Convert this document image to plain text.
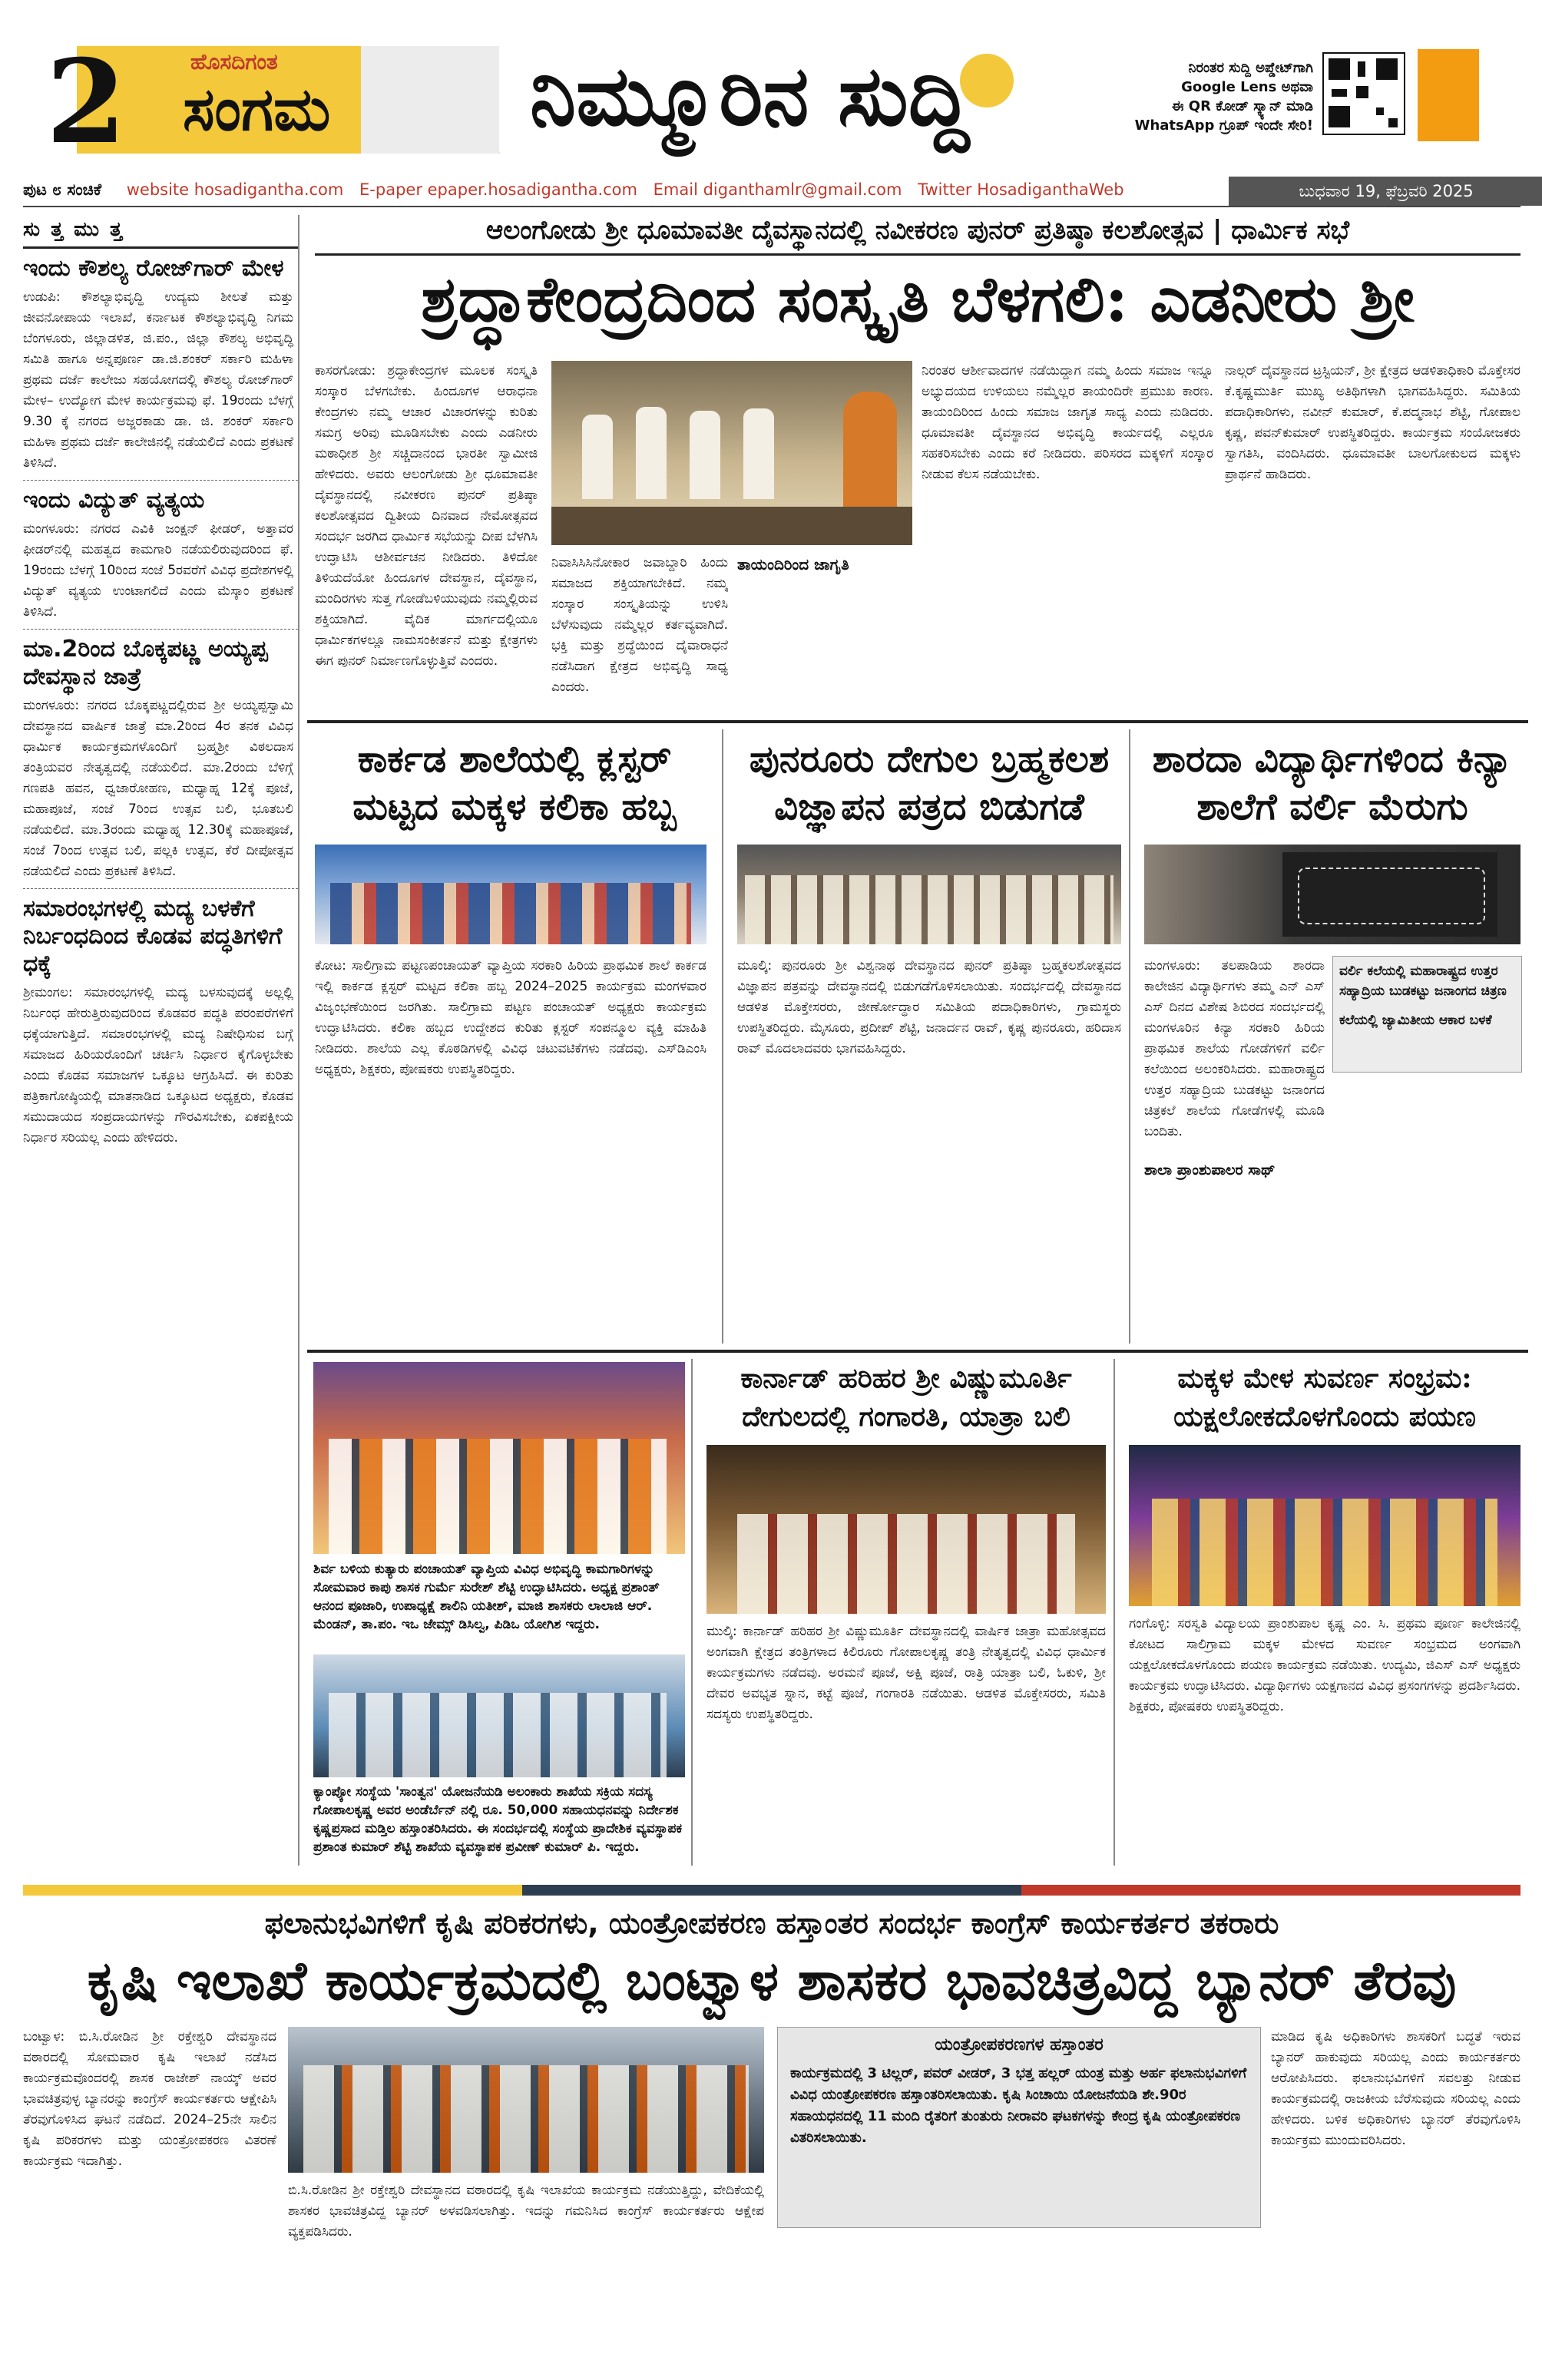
2	ಹೊಸದಿಗಂತ
ಸಂಗಮ ನಿಮ್ಮೂರಿನ ಸುದ್ದಿ	ನಿರಂತರ ಸುದ್ದಿ ಅಪ್ಡೇಟ್‌ಗಾಗಿ
Google Lens ಅಥವಾ
ಈ QR ಕೋಡ್ ಸ್ಕ್ಯಾನ್ ಮಾಡಿ
WhatsApp ಗ್ರೂಪ್ ಇಂದೇ ಸೇರಿ!
ಪುಟ ೮ ಸಂಚಿಕೆ website hosadigantha.com E-paper epaper.hosadigantha.com Email diganthamlr@gmail.com Twitter HosadiganthaWeb	ಬುಧವಾರ 19, ಫೆಬ್ರವರಿ 2025
ಸುತ್ತಮುತ್ತ
ಇಂದು ಕೌಶಲ್ಯ ರೋಜ್‌ಗಾರ್ ಮೇಳ
ಉಡುಪಿ: ಕೌಶಲ್ಯಾಭಿವೃದ್ಧಿ ಉದ್ಯಮ ಶೀಲತೆ ಮತ್ತು ಜೀವನೋಪಾಯ ಇಲಾಖೆ, ಕರ್ನಾಟಕ ಕೌಶಲ್ಯಾಭಿವೃದ್ಧಿ ನಿಗಮ ಬೆಂಗಳೂರು, ಜಿಲ್ಲಾಡಳಿತ, ಜಿ.ಪಂ., ಜಿಲ್ಲಾ ಕೌಶಲ್ಯ ಅಭಿವೃದ್ಧಿ ಸಮಿತಿ ಹಾಗೂ ಅನ್ನಪೂರ್ಣ ಡಾ.ಜಿ.ಶಂಕರ್ ಸರ್ಕಾರಿ ಮಹಿಳಾ ಪ್ರಥಮ ದರ್ಜೆ ಕಾಲೇಜು ಸಹಯೋಗದಲ್ಲಿ ಕೌಶಲ್ಯ ರೋಜ್‌ಗಾರ್ ಮೇಳ– ಉದ್ಯೋಗ ಮೇಳ ಕಾರ್ಯಕ್ರಮವು ಫೆ. 19ರಂದು ಬೆಳಗ್ಗೆ 9.30 ಕ್ಕೆ ನಗರದ ಅಜ್ಜರಕಾಡು ಡಾ. ಜಿ. ಶಂಕರ್ ಸರ್ಕಾರಿ ಮಹಿಳಾ ಪ್ರಥಮ ದರ್ಜೆ ಕಾಲೇಜಿನಲ್ಲಿ ನಡೆಯಲಿದೆ ಎಂದು ಪ್ರಕಟಣೆ ತಿಳಿಸಿದೆ.
ಇಂದು ವಿದ್ಯುತ್ ವ್ಯತ್ಯಯ
ಮಂಗಳೂರು: ನಗರದ ಎವಿಕಿ ಜಂಕ್ಷನ್ ಫೀಡರ್, ಅತ್ತಾವರ ಫೀಡರ್‌ನಲ್ಲಿ ಮಹತ್ವದ ಕಾಮಗಾರಿ ನಡೆಯಲಿರುವುದರಿಂದ ಫೆ. 19ರಂದು ಬೆಳಗ್ಗೆ 10ರಿಂದ ಸಂಜೆ 5ರವರೆಗೆ ವಿವಿಧ ಪ್ರದೇಶಗಳಲ್ಲಿ ವಿದ್ಯುತ್ ವ್ಯತ್ಯಯ ಉಂಟಾಗಲಿದೆ ಎಂದು ಮೆಸ್ಕಾಂ ಪ್ರಕಟಣೆ ತಿಳಿಸಿದೆ.
ಮಾ.2ರಿಂದ ಬೊಕ್ಕಪಟ್ಣ ಅಯ್ಯಪ್ಪ ದೇವಸ್ಥಾನ ಜಾತ್ರೆ
ಮಂಗಳೂರು: ನಗರದ ಬೊಕ್ಕಪಟ್ಣದಲ್ಲಿರುವ ಶ್ರೀ ಅಯ್ಯಪ್ಪಸ್ವಾಮಿ ದೇವಸ್ಥಾನದ ವಾರ್ಷಿಕ ಜಾತ್ರೆ ಮಾ.2ರಿಂದ 4ರ ತನಕ ವಿವಿಧ ಧಾರ್ಮಿಕ ಕಾರ್ಯಕ್ರಮಗಳೊಂದಿಗೆ ಬ್ರಹ್ಮಶ್ರೀ ವಿಠಲದಾಸ ತಂತ್ರಿಯವರ ನೇತೃತ್ವದಲ್ಲಿ ನಡೆಯಲಿದೆ. ಮಾ.2ರಂದು ಬೆಳಿಗ್ಗೆ ಗಣಪತಿ ಹವನ, ಧ್ವಜಾರೋಹಣ, ಮಧ್ಯಾಹ್ನ 12ಕ್ಕೆ ಪೂಜೆ, ಮಹಾಪೂಜೆ, ಸಂಜೆ 7ರಿಂದ ಉತ್ಸವ ಬಲಿ, ಭೂತಬಲಿ ನಡೆಯಲಿದೆ. ಮಾ.3ರಂದು ಮಧ್ಯಾಹ್ನ 12.30ಕ್ಕೆ ಮಹಾಪೂಜೆ, ಸಂಜೆ 7ರಿಂದ ಉತ್ಸವ ಬಲಿ, ಪಲ್ಲಕಿ ಉತ್ಸವ, ಕೆರೆ ದೀಪೋತ್ಸವ ನಡೆಯಲಿದೆ ಎಂದು ಪ್ರಕಟಣೆ ತಿಳಿಸಿದೆ.
ಸಮಾರಂಭಗಳಲ್ಲಿ ಮದ್ಯ ಬಳಕೆಗೆ ನಿರ್ಬಂಧದಿಂದ ಕೊಡವ ಪದ್ಧತಿಗಳಿಗೆ ಧಕ್ಕೆ
ಶ್ರೀಮಂಗಲ: ಸಮಾರಂಭಗಳಲ್ಲಿ ಮದ್ಯ ಬಳಸುವುದಕ್ಕೆ ಅಲ್ಲಲ್ಲಿ ನಿರ್ಬಂಧ ಹೇರುತ್ತಿರುವುದರಿಂದ ಕೊಡವರ ಪದ್ಧತಿ ಪರಂಪರೆಗಳಿಗೆ ಧಕ್ಕೆಯಾಗುತ್ತಿದೆ. ಸಮಾರಂಭಗಳಲ್ಲಿ ಮದ್ಯ ನಿಷೇಧಿಸುವ ಬಗ್ಗೆ ಸಮಾಜದ ಹಿರಿಯರೊಂದಿಗೆ ಚರ್ಚಿಸಿ ನಿರ್ಧಾರ ಕೈಗೊಳ್ಳಬೇಕು ಎಂದು ಕೊಡವ ಸಮಾಜಗಳ ಒಕ್ಕೂಟ ಆಗ್ರಹಿಸಿದೆ. ಈ ಕುರಿತು ಪತ್ರಿಕಾಗೋಷ್ಠಿಯಲ್ಲಿ ಮಾತನಾಡಿದ ಒಕ್ಕೂಟದ ಅಧ್ಯಕ್ಷರು, ಕೊಡವ ಸಮುದಾಯದ ಸಂಪ್ರದಾಯಗಳನ್ನು ಗೌರವಿಸಬೇಕು, ಏಕಪಕ್ಷೀಯ ನಿರ್ಧಾರ ಸರಿಯಲ್ಲ ಎಂದು ಹೇಳಿದರು.
ಆಲಂಗೋಡು ಶ್ರೀ ಧೂಮಾವತೀ ದೈವಸ್ಥಾನದಲ್ಲಿ ನವೀಕರಣ ಪುನರ್ ಪ್ರತಿಷ್ಠಾ ಕಲಶೋತ್ಸವ | ಧಾರ್ಮಿಕ ಸಭೆ
ಶ್ರದ್ಧಾಕೇಂದ್ರದಿಂದ ಸಂಸ್ಕೃತಿ ಬೆಳಗಲಿ: ಎಡನೀರು ಶ್ರೀ
ಕಾಸರಗೋಡು: ಶ್ರದ್ಧಾಕೇಂದ್ರಗಳ ಮೂಲಕ ಸಂಸ್ಕೃತಿ ಸಂಸ್ಕಾರ ಬೆಳಗಬೇಕು. ಹಿಂದೂಗಳ ಆರಾಧನಾ ಕೇಂದ್ರಗಳು ನಮ್ಮ ಆಚಾರ ವಿಚಾರಗಳನ್ನು ಕುರಿತು ಸಮಗ್ರ ಅರಿವು ಮೂಡಿಸಬೇಕು ಎಂದು ಎಡನೀರು ಮಠಾಧೀಶ ಶ್ರೀ ಸಚ್ಚಿದಾನಂದ ಭಾರತೀ ಸ್ವಾಮೀಜಿ ಹೇಳಿದರು. ಅವರು ಆಲಂಗೋಡು ಶ್ರೀ ಧೂಮಾವತೀ ದೈವಸ್ಥಾನದಲ್ಲಿ ನವೀಕರಣ ಪುನರ್ ಪ್ರತಿಷ್ಠಾ ಕಲಶೋತ್ಸವದ ದ್ವಿತೀಯ ದಿನವಾದ ನೇಮೋತ್ಸವದ ಸಂದರ್ಭ ಜರಗಿದ ಧಾರ್ಮಿಕ ಸಭೆಯನ್ನು ದೀಪ ಬೆಳಗಿಸಿ ಉದ್ಘಾಟಿಸಿ ಆಶೀರ್ವಚನ ನೀಡಿದರು. ತಿಳಿದೋ ತಿಳಿಯದೆಯೋ ಹಿಂದೂಗಳ ದೇವಸ್ಥಾನ, ದೈವಸ್ಥಾನ, ಮಂದಿರಗಳು ಸುತ್ತ ಗೋಡೆಬಳಿಯುವುದು ನಮ್ಮಲ್ಲಿರುವ ಶಕ್ತಿಯಾಗಿದೆ. ವೈದಿಕ ಮಾರ್ಗದಲ್ಲಿಯೂ ಧಾರ್ಮಿಕಗಳಲ್ಲೂ ನಾಮಸಂಕೀರ್ತನೆ ಮತ್ತು ಕ್ಷೇತ್ರಗಳು ಈಗ ಪುನರ್ ನಿರ್ಮಾಣಗೊಳ್ಳುತ್ತಿವೆ ಎಂದರು.
ನಿವಾಸಿಸಿಸಿನೋಕಾರ ಜವಾಬ್ದಾರಿ ಹಿಂದು ಸಮಾಜದ ಶಕ್ತಿಯಾಗಬೇಕಿದೆ. ನಮ್ಮ ಸಂಸ್ಕಾರ ಸಂಸ್ಕೃತಿಯನ್ನು ಉಳಿಸಿ ಬೆಳೆಸುವುದು ನಮ್ಮೆಲ್ಲರ ಕರ್ತವ್ಯವಾಗಿದೆ. ಭಕ್ತಿ ಮತ್ತು ಶ್ರದ್ಧೆಯಿಂದ ದೈವಾರಾಧನೆ ನಡೆಸಿದಾಗ ಕ್ಷೇತ್ರದ ಅಭಿವೃದ್ಧಿ ಸಾಧ್ಯ ಎಂದರು.
ತಾಯಂದಿರಿಂದ ಜಾಗೃತಿ
ನಿರಂತರ ಆರ್ಶೀವಾದಗಳ ನಡೆಯಿದ್ದಾಗ ನಮ್ಮ ಹಿಂದು ಸಮಾಜ ಇನ್ನೂ ಅಭ್ಯುದಯದ ಉಳಿಯಲು ನಮ್ಮೆಲ್ಲರ ತಾಯಂದಿರೇ ಪ್ರಮುಖ ಕಾರಣ. ತಾಯಂದಿರಿಂದ ಹಿಂದು ಸಮಾಜ ಜಾಗೃತ ಸಾಧ್ಯ ಎಂದು ನುಡಿದರು. ಧೂಮಾವತೀ ದೈವಸ್ಥಾನದ ಅಭಿವೃದ್ಧಿ ಕಾರ್ಯದಲ್ಲಿ ಎಲ್ಲರೂ ಸಹಕರಿಸಬೇಕು ಎಂದು ಕರೆ ನೀಡಿದರು. ಪರಿಸರದ ಮಕ್ಕಳಿಗೆ ಸಂಸ್ಕಾರ ನೀಡುವ ಕೆಲಸ ನಡೆಯಬೇಕು.
ನಾಲ್ಗರ್ ದೈವಸ್ಥಾನದ ಟ್ರಸ್ಟಿಯನ್, ಶ್ರೀ ಕ್ಷೇತ್ರದ ಆಡಳಿತಾಧಿಕಾರಿ ಮೊಕ್ತೇಸರ ಕೆ.ಕೃಷ್ಣಮುರ್ತಿ ಮುಖ್ಯ ಅತಿಥಿಗಳಾಗಿ ಭಾಗವಹಿಸಿದ್ದರು. ಸಮಿತಿಯ ಪದಾಧಿಕಾರಿಗಳು, ನವೀನ್ ಕುಮಾರ್, ಕೆ.ಪದ್ಮನಾಭ ಶೆಟ್ಟಿ, ಗೋಪಾಲ ಕೃಷ್ಣ, ಪವನ್‌ಕುಮಾರ್ ಉಪಸ್ಥಿತರಿದ್ದರು. ಕಾರ್ಯಕ್ರಮ ಸಂಯೋಜಕರು ಸ್ವಾಗತಿಸಿ, ವಂದಿಸಿದರು. ಧೂಮಾವತೀ ಬಾಲಗೋಕುಲದ ಮಕ್ಕಳು ಪ್ರಾರ್ಥನೆ ಹಾಡಿದರು.
ಕಾರ್ಕಡ ಶಾಲೆಯಲ್ಲಿ ಕ್ಲಸ್ಟರ್ ಮಟ್ಟದ ಮಕ್ಕಳ ಕಲಿಕಾ ಹಬ್ಬ
ಕೋಟ: ಸಾಲಿಗ್ರಾಮ ಪಟ್ಟಣಪಂಚಾಯತ್ ವ್ಯಾಪ್ತಿಯ ಸರಕಾರಿ ಹಿರಿಯ ಪ್ರಾಥಮಿಕ ಶಾಲೆ ಕಾರ್ಕಡ ಇಲ್ಲಿ ಕಾರ್ಕಡ ಕ್ಲಸ್ಟರ್ ಮಟ್ಟದ ಕಲಿಕಾ ಹಬ್ಬ 2024–2025 ಕಾರ್ಯಕ್ರಮ ಮಂಗಳವಾರ ವಿಜೃಂಭಣೆಯಿಂದ ಜರಗಿತು. ಸಾಲಿಗ್ರಾಮ ಪಟ್ಟಣ ಪಂಚಾಯತ್ ಅಧ್ಯಕ್ಷರು ಕಾರ್ಯಕ್ರಮ ಉದ್ಘಾಟಿಸಿದರು. ಕಲಿಕಾ ಹಬ್ಬದ ಉದ್ದೇಶದ ಕುರಿತು ಕ್ಲಸ್ಟರ್ ಸಂಪನ್ಮೂಲ ವ್ಯಕ್ತಿ ಮಾಹಿತಿ ನೀಡಿದರು. ಶಾಲೆಯ ಎಲ್ಲ ಕೊಠಡಿಗಳಲ್ಲಿ ವಿವಿಧ ಚಟುವಟಿಕೆಗಳು ನಡೆದವು. ಎಸ್‌ಡಿಎಂಸಿ ಅಧ್ಯಕ್ಷರು, ಶಿಕ್ಷಕರು, ಪೋಷಕರು ಉಪಸ್ಥಿತರಿದ್ದರು.
ಪುನರೂರು ದೇಗುಲ ಬ್ರಹ್ಮಕಲಶ ವಿಜ್ಞಾಪನ ಪತ್ರದ ಬಿಡುಗಡೆ
ಮೂಲ್ಕಿ: ಪುನರೂರು ಶ್ರೀ ವಿಶ್ವನಾಥ ದೇವಸ್ಥಾನದ ಪುನರ್ ಪ್ರತಿಷ್ಠಾ ಬ್ರಹ್ಮಕಲಶೋತ್ಸವದ ವಿಜ್ಞಾಪನ ಪತ್ರವನ್ನು ದೇವಸ್ಥಾನದಲ್ಲಿ ಬಿಡುಗಡೆಗೊಳಿಸಲಾಯಿತು. ಸಂದರ್ಭದಲ್ಲಿ ದೇವಸ್ಥಾನದ ಆಡಳಿತ ಮೊಕ್ತೇಸರರು, ಜೀರ್ಣೋದ್ಧಾರ ಸಮಿತಿಯ ಪದಾಧಿಕಾರಿಗಳು, ಗ್ರಾಮಸ್ಥರು ಉಪಸ್ಥಿತರಿದ್ದರು. ಮೈಸೂರು, ಪ್ರದೀಪ್ ಶೆಟ್ಟಿ, ಜನಾರ್ದನ ರಾವ್, ಕೃಷ್ಣ ಪುನರೂರು, ಹರಿದಾಸ ರಾವ್ ಮೊದಲಾದವರು ಭಾಗವಹಿಸಿದ್ದರು.
ಶಾರದಾ ವಿದ್ಯಾರ್ಥಿಗಳಿಂದ ಕಿನ್ಯಾ ಶಾಲೆಗೆ ವರ್ಲಿ ಮೆರುಗು
ವರ್ಲಿ ಕಲೆಯಲ್ಲಿ ಮಹಾರಾಷ್ಟ್ರದ ಉತ್ತರ ಸಹ್ಯಾದ್ರಿಯ ಬುಡಕಟ್ಟು ಜನಾಂಗದ ಚಿತ್ರಣ
ಕಲೆಯಲ್ಲಿ ಜ್ಯಾಮಿತೀಯ ಆಕಾರ ಬಳಕೆ
ಮಂಗಳೂರು: ತಲಪಾಡಿಯ ಶಾರದಾ ಕಾಲೇಜಿನ ವಿದ್ಯಾರ್ಥಿಗಳು ತಮ್ಮ ಎನ್ ಎಸ್ ಎಸ್ ದಿನದ ವಿಶೇಷ ಶಿಬಿರದ ಸಂದರ್ಭದಲ್ಲಿ ಮಂಗಳೂರಿನ ಕಿನ್ಯಾ ಸರಕಾರಿ ಹಿರಿಯ ಪ್ರಾಥಮಿಕ ಶಾಲೆಯ ಗೋಡೆಗಳಿಗೆ ವರ್ಲಿ ಕಲೆಯಿಂದ ಅಲಂಕರಿಸಿದರು. ಮಹಾರಾಷ್ಟ್ರದ ಉತ್ತರ ಸಹ್ಯಾದ್ರಿಯ ಬುಡಕಟ್ಟು ಜನಾಂಗದ ಚಿತ್ರಕಲೆ ಶಾಲೆಯ ಗೋಡೆಗಳಲ್ಲಿ ಮೂಡಿ ಬಂದಿತು.
ಶಾಲಾ ಪ್ರಾಂಶುಪಾಲರ ಸಾಥ್
ಶಿರ್ವ ಬಳಿಯ ಕುತ್ಯಾರು ಪಂಚಾಯತ್ ವ್ಯಾಪ್ತಿಯ ವಿವಿಧ ಅಭಿವೃದ್ಧಿ ಕಾಮಗಾರಿಗಳನ್ನು ಸೋಮವಾರ ಕಾಪು ಶಾಸಕ ಗುರ್ಮೆ ಸುರೇಶ್ ಶೆಟ್ಟಿ ಉದ್ಘಾಟಿಸಿದರು. ಅಧ್ಯಕ್ಷ ಪ್ರಶಾಂತ್ ಆನಂದ ಪೂಜಾರಿ, ಉಪಾಧ್ಯಕ್ಷೆ ಶಾಲಿನಿ ಯತೀಶ್, ಮಾಜಿ ಶಾಸಕರು ಲಾಲಾಜಿ ಆರ್. ಮೆಂಡನ್, ತಾ.ಪಂ. ಇಒ ಜೇಮ್ಸ್ ಡಿಸಿಲ್ವ, ಪಿಡಿಒ ಯೋಗಿಶ ಇದ್ದರು.
ಕ್ಯಾಂಪ್ಕೋ ಸಂಸ್ಥೆಯ 'ಸಾಂತ್ವನ' ಯೋಜನೆಯಡಿ ಅಲಂಕಾರು ಶಾಖೆಯ ಸಕ್ರಿಯ ಸದಸ್ಯ ಗೋಪಾಲಕೃಷ್ಣ ಅವರ ಅಂಡೆರ್ಬೆನ್ ನಲ್ಲಿ ರೂ. 50,000 ಸಹಾಯಧನವನ್ನು ನಿರ್ದೇಶಕ ಕೃಷ್ಣಪ್ರಸಾದ ಮಡ್ತಿಲ ಹಸ್ತಾಂತರಿಸಿದರು. ಈ ಸಂದರ್ಭದಲ್ಲಿ ಸಂಸ್ಥೆಯ ಪ್ರಾದೇಶಿಕ ವ್ಯವಸ್ಥಾಪಕ ಪ್ರಶಾಂತ ಕುಮಾರ್ ಶೆಟ್ಟಿ ಶಾಖೆಯ ವ್ಯವಸ್ಥಾಪಕ ಪ್ರವೀಣ್ ಕುಮಾರ್ ಪಿ. ಇದ್ದರು.
ಕಾರ್ನಾಡ್ ಹರಿಹರ ಶ್ರೀ ವಿಷ್ಣುಮೂರ್ತಿ ದೇಗುಲದಲ್ಲಿ ಗಂಗಾರತಿ, ಯಾತ್ರಾ ಬಲಿ
ಮುಲ್ಕಿ: ಕಾರ್ನಾಡ್ ಹರಿಹರ ಶ್ರೀ ವಿಷ್ಣುಮೂರ್ತಿ ದೇವಸ್ಥಾನದಲ್ಲಿ ವಾರ್ಷಿಕ ಜಾತ್ರಾ ಮಹೋತ್ಸವದ ಅಂಗವಾಗಿ ಕ್ಷೇತ್ರದ ತಂತ್ರಿಗಳಾದ ಕಿಲಿರೂರು ಗೋಪಾಲಕೃಷ್ಣ ತಂತ್ರಿ ನೇತೃತ್ವದಲ್ಲಿ ವಿವಿಧ ಧಾರ್ಮಿಕ ಕಾರ್ಯಕ್ರಮಗಳು ನಡೆದವು. ಅರಮನೆ ಪೂಜೆ, ಅಕ್ಷಿ ಪೂಜೆ, ರಾತ್ರಿ ಯಾತ್ರಾ ಬಲಿ, ಓಕುಳಿ, ಶ್ರೀ ದೇವರ ಅವಭೃತ ಸ್ನಾನ, ಕಟ್ಟೆ ಪೂಜೆ, ಗಂಗಾರತಿ ನಡೆಯಿತು. ಆಡಳಿತ ಮೊಕ್ತೇಸರರು, ಸಮಿತಿ ಸದಸ್ಯರು ಉಪಸ್ಥಿತರಿದ್ದರು.
ಮಕ್ಕಳ ಮೇಳ ಸುವರ್ಣ ಸಂಭ್ರಮ: ಯಕ್ಷಲೋಕದೊಳಗೊಂದು ಪಯಣ
ಗಂಗೊಳ್ಳಿ: ಸರಸ್ವತಿ ವಿದ್ಯಾಲಯ ಪ್ರಾಂಶುಪಾಲ ಕೃಷ್ಣ ಎಂ. ಸಿ. ಪ್ರಥಮ ಪೂರ್ಣ ಕಾಲೇಜಿನಲ್ಲಿ ಕೋಟದ ಸಾಲಿಗ್ರಾಮ ಮಕ್ಕಳ ಮೇಳದ ಸುವರ್ಣ ಸಂಭ್ರಮದ ಅಂಗವಾಗಿ ಯಕ್ಷಲೋಕದೊಳಗೊಂದು ಪಯಣ ಕಾರ್ಯಕ್ರಮ ನಡೆಯಿತು. ಉದ್ಯಮಿ, ಜಿಎಸ್ ಎಸ್ ಅಧ್ಯಕ್ಷರು ಕಾರ್ಯಕ್ರಮ ಉದ್ಘಾಟಿಸಿದರು. ವಿದ್ಯಾರ್ಥಿಗಳು ಯಕ್ಷಗಾನದ ವಿವಿಧ ಪ್ರಸಂಗಗಳನ್ನು ಪ್ರದರ್ಶಿಸಿದರು. ಶಿಕ್ಷಕರು, ಪೋಷಕರು ಉಪಸ್ಥಿತರಿದ್ದರು.
ಫಲಾನುಭವಿಗಳಿಗೆ ಕೃಷಿ ಪರಿಕರಗಳು, ಯಂತ್ರೋಪಕರಣ ಹಸ್ತಾಂತರ ಸಂದರ್ಭ ಕಾಂಗ್ರೆಸ್ ಕಾರ್ಯಕರ್ತರ ತಕರಾರು
ಕೃಷಿ ಇಲಾಖೆ ಕಾರ್ಯಕ್ರಮದಲ್ಲಿ ಬಂಟ್ವಾಳ ಶಾಸಕರ ಭಾವಚಿತ್ರವಿದ್ದ ಬ್ಯಾನರ್ ತೆರವು
ಬಂಟ್ವಾಳ: ಬಿ.ಸಿ.ರೋಡಿನ ಶ್ರೀ ರಕ್ತೇಶ್ವರಿ ದೇವಸ್ಥಾನದ ವಠಾರದಲ್ಲಿ ಸೋಮವಾರ ಕೃಷಿ ಇಲಾಖೆ ನಡೆಸಿದ ಕಾರ್ಯಕ್ರಮವೊಂದರಲ್ಲಿ ಶಾಸಕ ರಾಜೇಶ್ ನಾಯ್ಕ್ ಅವರ ಭಾವಚಿತ್ರವುಳ್ಳ ಬ್ಯಾನರನ್ನು ಕಾಂಗ್ರೆಸ್ ಕಾರ್ಯಕರ್ತರು ಆಕ್ಷೇಪಿಸಿ ತೆರವುಗೊಳಿಸಿದ ಘಟನೆ ನಡೆದಿದೆ. 2024–25ನೇ ಸಾಲಿನ ಕೃಷಿ ಪರಿಕರಗಳು ಮತ್ತು ಯಂತ್ರೋಪಕರಣ ವಿತರಣೆ ಕಾರ್ಯಕ್ರಮ ಇದಾಗಿತ್ತು.
ಬಿ.ಸಿ.ರೋಡಿನ ಶ್ರೀ ರಕ್ತೇಶ್ವರಿ ದೇವಸ್ಥಾನದ ವಠಾರದಲ್ಲಿ ಕೃಷಿ ಇಲಾಖೆಯ ಕಾರ್ಯಕ್ರಮ ನಡೆಯುತ್ತಿದ್ದು, ವೇದಿಕೆಯಲ್ಲಿ ಶಾಸಕರ ಭಾವಚಿತ್ರವಿದ್ದ ಬ್ಯಾನರ್ ಅಳವಡಿಸಲಾಗಿತ್ತು. ಇದನ್ನು ಗಮನಿಸಿದ ಕಾಂಗ್ರೆಸ್ ಕಾರ್ಯಕರ್ತರು ಆಕ್ಷೇಪ ವ್ಯಕ್ತಪಡಿಸಿದರು.
ಯಂತ್ರೋಪಕರಣಗಳ ಹಸ್ತಾಂತರ
ಕಾರ್ಯಕ್ರಮದಲ್ಲಿ 3 ಟಿಲ್ಲರ್, ಪವರ್ ವೀಡರ್, 3 ಭತ್ತ ಹಲ್ಲರ್ ಯಂತ್ರ ಮತ್ತು ಅರ್ಹ ಫಲಾನುಭವಿಗಳಿಗೆ ವಿವಿಧ ಯಂತ್ರೋಪಕರಣ ಹಸ್ತಾಂತರಿಸಲಾಯಿತು. ಕೃಷಿ ಸಿಂಚಾಯಿ ಯೋಜನೆಯಡಿ ಶೇ.90ರ ಸಹಾಯಧನದಲ್ಲಿ 11 ಮಂದಿ ರೈತರಿಗೆ ತುಂತುರು ನೀರಾವರಿ ಘಟಕಗಳನ್ನು ಕೇಂದ್ರ ಕೃಷಿ ಯಂತ್ರೋಪಕರಣ ವಿತರಿಸಲಾಯಿತು.
ಮಾಡಿದ ಕೃಷಿ ಅಧಿಕಾರಿಗಳು ಶಾಸಕರಿಗೆ ಬದ್ಧತೆ ಇರುವ ಬ್ಯಾನರ್ ಹಾಕುವುದು ಸರಿಯಲ್ಲ ಎಂದು ಕಾರ್ಯಕರ್ತರು ಆರೋಪಿಸಿದರು. ಫಲಾನುಭವಿಗಳಿಗೆ ಸವಲತ್ತು ನೀಡುವ ಕಾರ್ಯಕ್ರಮದಲ್ಲಿ ರಾಜಕೀಯ ಬೆರೆಸುವುದು ಸರಿಯಲ್ಲ ಎಂದು ಹೇಳಿದರು. ಬಳಿಕ ಅಧಿಕಾರಿಗಳು ಬ್ಯಾನರ್ ತೆರವುಗೊಳಿಸಿ ಕಾರ್ಯಕ್ರಮ ಮುಂದುವರಿಸಿದರು.
